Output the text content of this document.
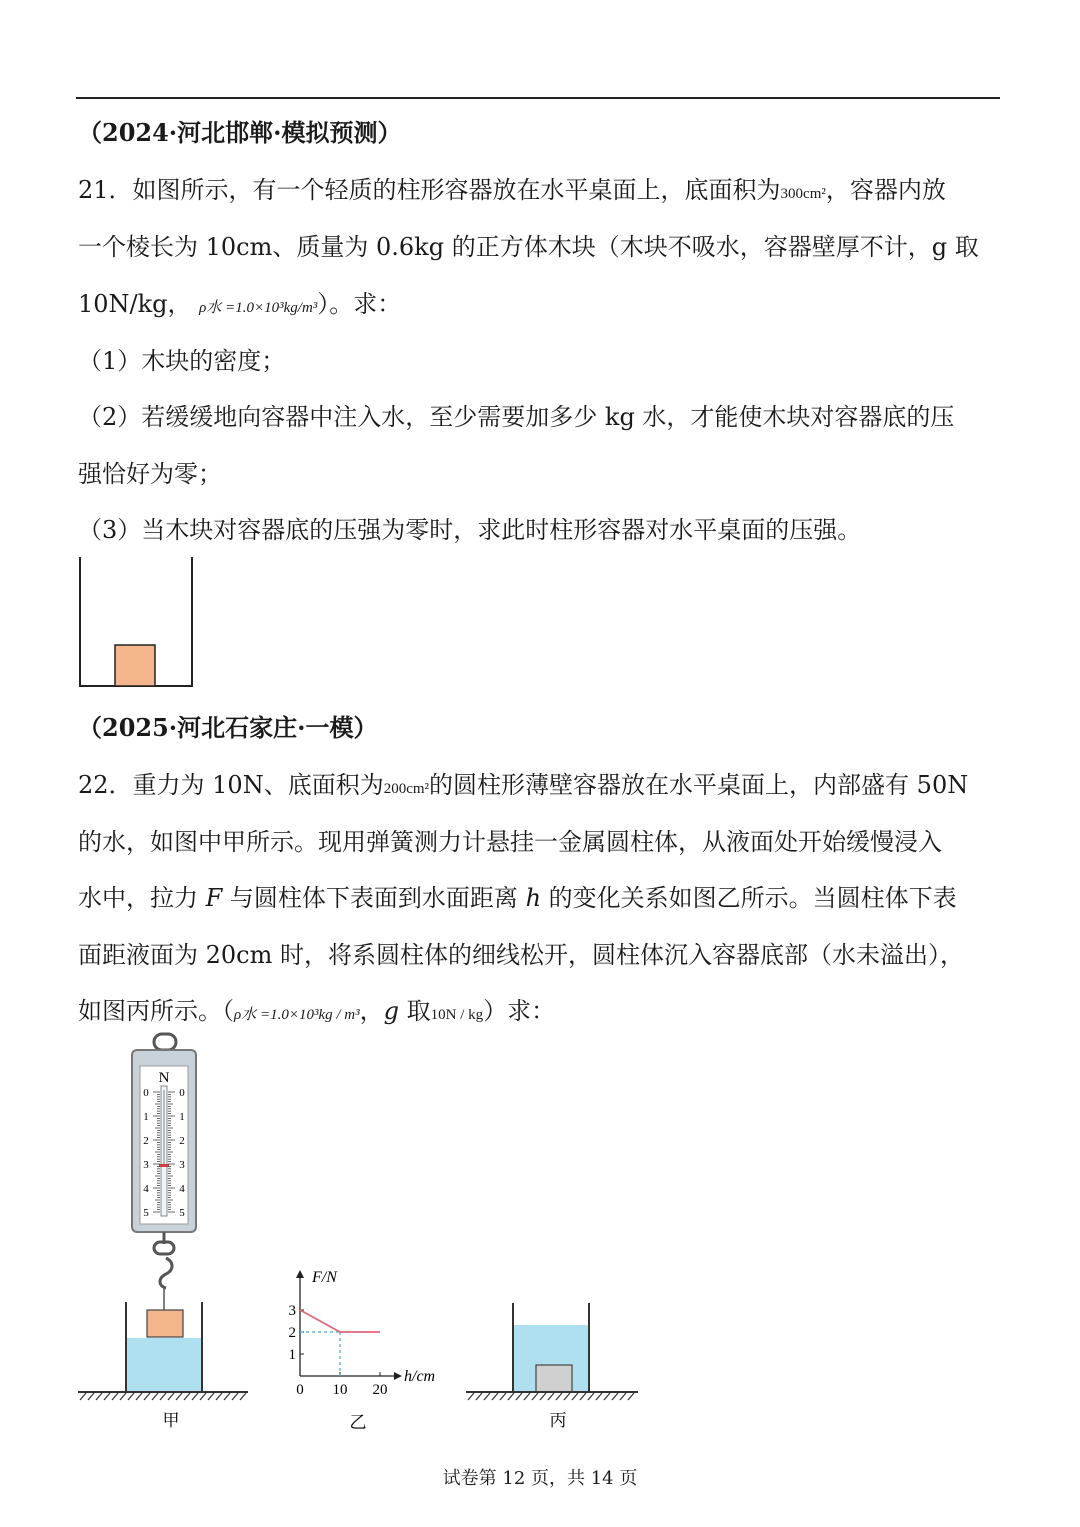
（2024·河北邯郸·模拟预测）
21．如图所示，有一个轻质的柱形容器放在水平桌面上，底面积为300cm²，容器内放
一个棱长为 10cm、质量为 0.6kg 的正方体木块（木块不吸水，容器壁厚不计，g 取
10N/kg， ρ水 =1.0×10³kg/m³）。求：
（1）木块的密度；
（2）若缓缓地向容器中注入水，至少需要加多少 kg 水，才能使木块对容器底的压
强恰好为零；
（3）当木块对容器底的压强为零时，求此时柱形容器对水平桌面的压强。
（2025·河北石家庄·一模）
22．重力为 10N、底面积为200cm²的圆柱形薄壁容器放在水平桌面上，内部盛有 50N
的水，如图中甲所示。现用弹簧测力计悬挂一金属圆柱体，从液面处开始缓慢浸入
水中，拉力 F 与圆柱体下表面到水面距离 h 的变化关系如图乙所示。当圆柱体下表
面距液面为 20cm 时，将系圆柱体的细线松开，圆柱体沉入容器底部（水未溢出），
如图丙所示。（ρ水 =1.0×10³kg / m³，g 取10N / kg）求：
N
0	0
1	1
2	2
3	3
4	4
5	5
甲
F/N
h/cm
1
2
3
0 10 20
乙	丙
试卷第 12 页，共 14 页
